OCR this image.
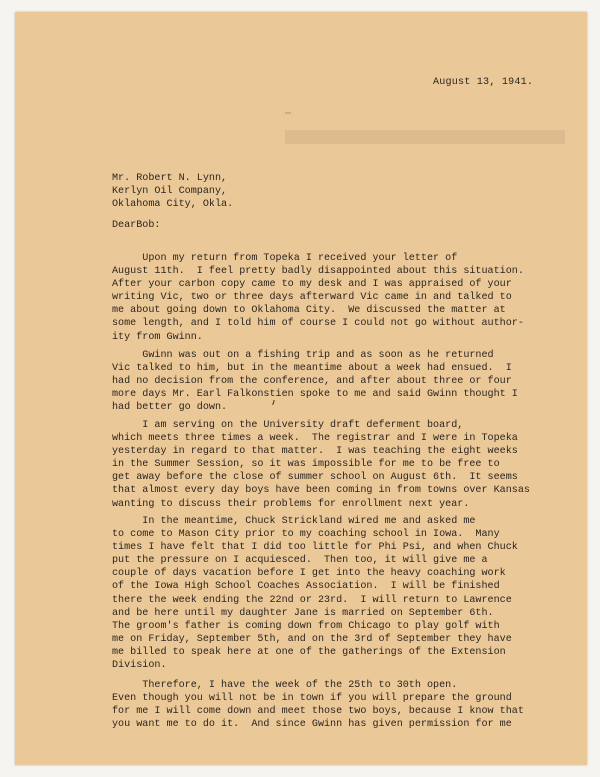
August 13, 1941.
Mr. Robert N. Lynn,
Kerlyn Oil Company,
Oklahoma City, Okla.
DearBob:
Upon my return from Topeka I received your letter of
August 11th.  I feel pretty badly disappointed about this situation.
After your carbon copy came to my desk and I was appraised of your
writing Vic, two or three days afterward Vic came in and talked to
me about going down to Oklahoma City.  We discussed the matter at
some length, and I told him of course I could not go without author-
ity from Gwinn.
Gwinn was out on a fishing trip and as soon as he returned
Vic talked to him, but in the meantime about a week had ensued.  I
had no decision from the conference, and after about three or four
more days Mr. Earl Falkonstien spoke to me and said Gwinn thought I
had better go down.
I am serving on the University draft deferment board,
which meets three times a week.  The registrar and I were in Topeka
yesterday in regard to that matter.  I was teaching the eight weeks
in the Summer Session, so it was impossible for me to be free to
get away before the close of summer school on August 6th.  It seems
that almost every day boys have been coming in from towns over Kansas
wanting to discuss their problems for enrollment next year.
In the meantime, Chuck Strickland wired me and asked me
to come to Mason City prior to my coaching school in Iowa.  Many
times I have felt that I did too little for Phi Psi, and when Chuck
put the pressure on I acquiesced.  Then too, it will give me a
couple of days vacation before I get into the heavy coaching work
of the Iowa High School Coaches Association.  I will be finished
there the week ending the 22nd or 23rd.  I will return to Lawrence
and be here until my daughter Jane is married on September 6th.
The groom's father is coming down from Chicago to play golf with
me on Friday, September 5th, and on the 3rd of September they have
me billed to speak here at one of the gatherings of the Extension
Division.
Therefore, I have the week of the 25th to 30th open.
Even though you will not be in town if you will prepare the ground
for me I will come down and meet those two boys, because I know that
you want me to do it.  And since Gwinn has given permission for me
